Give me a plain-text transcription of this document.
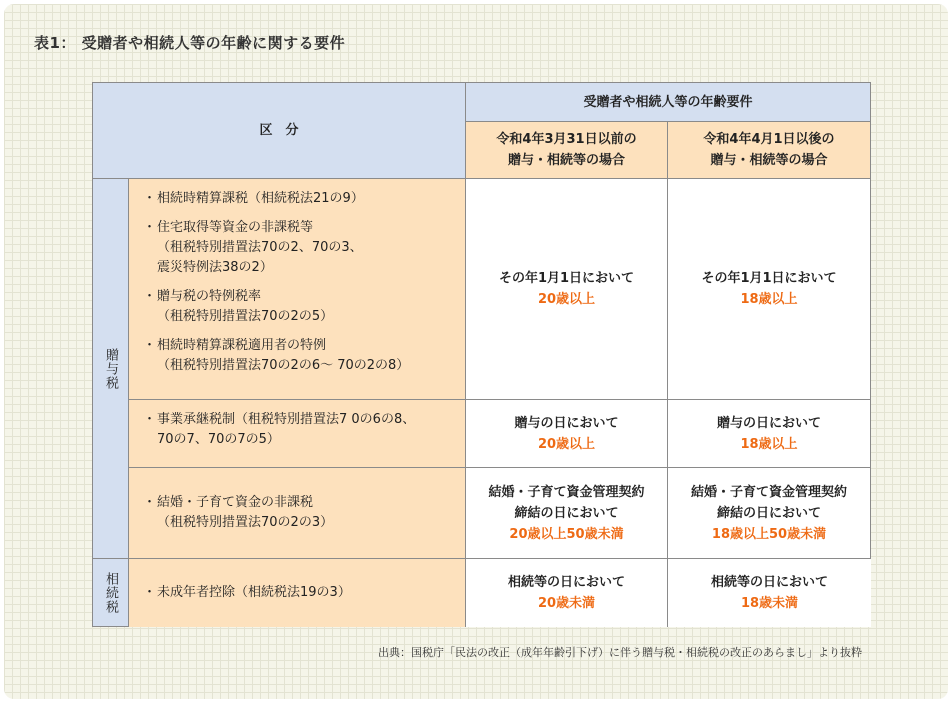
表1： 受贈者や相続人等の年齢に関する要件
区　分
受贈者や相続人等の年齢要件
令和4年3月31日以前の
贈与・相続等の場合
令和4年4月1日以後の
贈与・相続等の場合
贈与税
相続税
・ 相続時精算課税（相続税法21の9）
・ 住宅取得等資金の非課税等
（租税特別措置法70の2、70の3、
震災特例法38の2）
・ 贈与税の特例税率
（租税特別措置法70の2の5）
・ 相続時精算課税適用者の特例
（租税特別措置法70の2の6～ 70の2の8）
その年1月1日において
20歳以上
その年1月1日において
18歳以上
・ 事業承継税制（租税特別措置法7 0の6の8、
70の7、70の7の5）
贈与の日において
20歳以上
贈与の日において
18歳以上
・ 結婚・子育て資金の非課税
（租税特別措置法70の2の3）
結婚・子育て資金管理契約
締結の日において
20歳以上50歳未満
結婚・子育て資金管理契約
締結の日において
18歳以上50歳未満
・ 未成年者控除（相続税法19の3）
相続等の日において
20歳未満
相続等の日において
18歳未満
出典：国税庁「民法の改正（成年年齢引下げ）に伴う贈与税・相続税の改正のあらまし」より抜粋
